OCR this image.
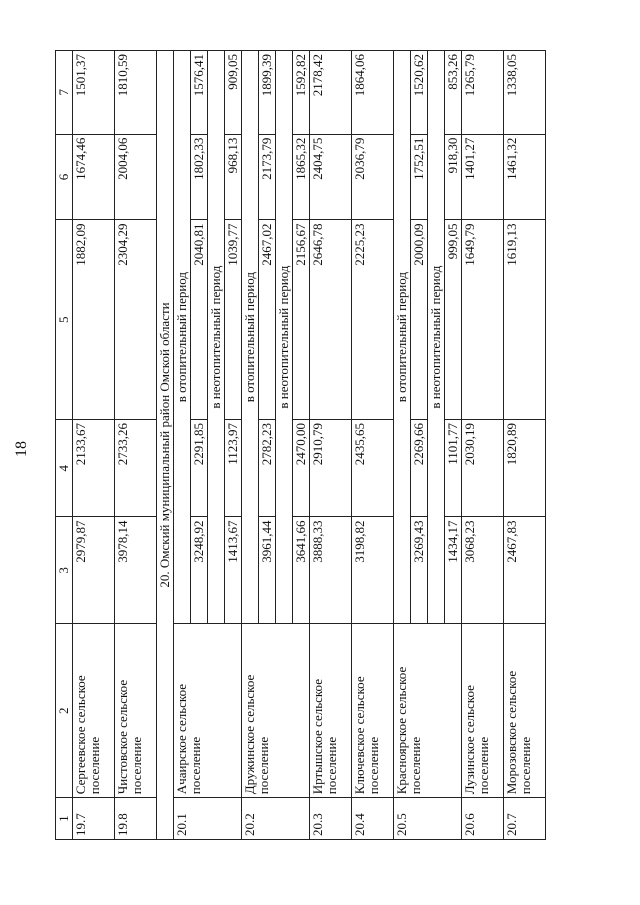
18
1	2	3	4	5	6	7
19.7	Сергеевское сельское поселение	2979,87	2133,67	1882,09	1674,46	1501,37
19.8	Чистовское сельское поселение	3978,14	2733,26	2304,29	2004,06	1810,59
20. Омский муниципальный район Омской области						
20.1	Ачаирское сельское поселение	в отопительный период				
		3248,92	2291,85	2040,81	1802,33	1576,41
		в неотопительный период				
		1413,67	1123,97	1039,77	968,13	909,05
20.2	Дружинское сельское поселение	в отопительный период				
		3961,44	2782,23	2467,02	2173,79	1899,39
		в неотопительный период				
		3641,66	2470,00	2156,67	1865,32	1592,82
20.3	Иртышское сельское поселение	3888,33	2910,79	2646,78	2404,75	2178,42
20.4	Ключевское сельское поселение	3198,82	2435,65	2225,23	2036,79	1864,06
20.5	Красноярское сельское поселение	в отопительный период				
		3269,43	2269,66	2000,09	1752,51	1520,62
		в неотопительный период				
		1434,17	1101,77	999,05	918,30	853,26
20.6	Лузинское сельское поселение	3068,23	2030,19	1649,79	1401,27	1265,79
20.7	Морозовское сельское поселение	2467,83	1820,89	1619,13	1461,32	1338,05
